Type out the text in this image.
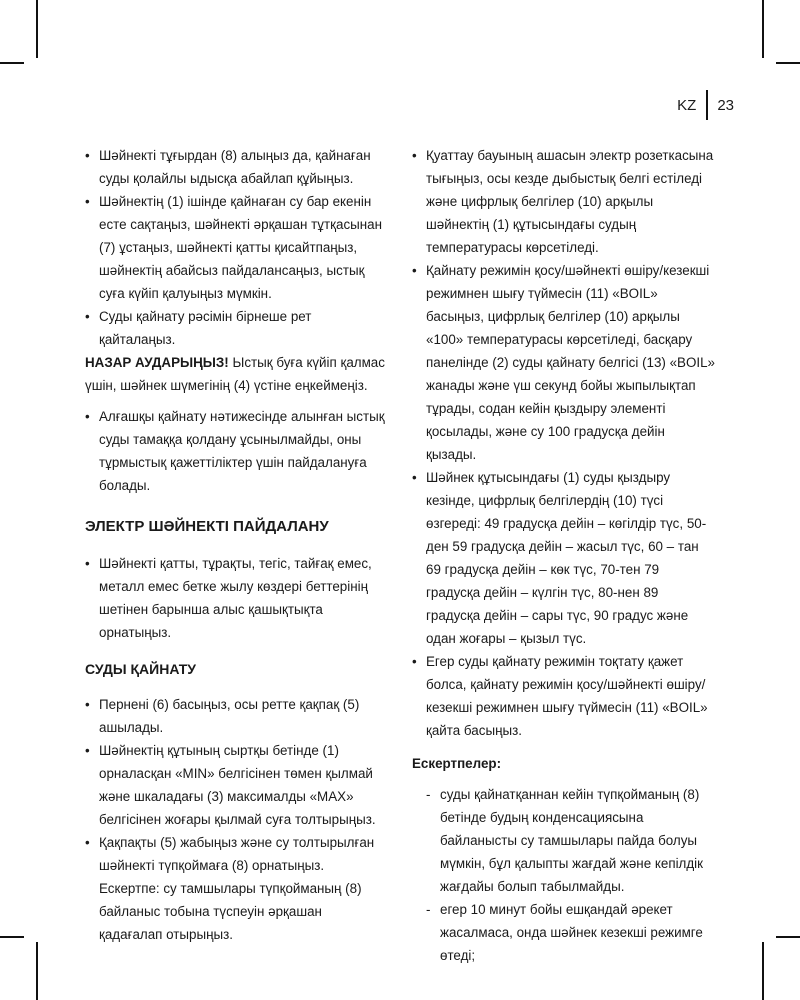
KZ 23
• Шәйнекті тұғырдан (8) алыңыз да, қайнаған суды қолайлы ыдысқа абайлап құйыңыз.
• Шәйнектің (1) ішінде қайнаған су бар екенін есте сақтаңыз, шәйнекті әрқашан тұтқасынан (7) ұстаңыз, шәйнекті қатты қисайтпаңыз, шәйнектің абайсыз пайдалансаңыз, ыстық суға күйіп қалуыңыз мүмкін.
• Суды қайнату рәсімін бірнеше рет қайталаңыз.

НАЗАР АУДАРЫҢЫЗ! Ыстық буға күйіп қалмас үшін, шәйнек шүмегінің (4) үстіне еңкеймеңіз.

• Алғашқы қайнату нәтижесінде алынған ыстық суды тамаққа қолдану ұсынылмайды, оны тұрмыстық қажеттіліктер үшін пайдалануға болады.
ЭЛЕКТР ШӘЙНЕКТІ ПАЙДАЛАНУ
• Шәйнекті қатты, тұрақты, тегіс, тайғақ емес, металл емес бетке жылу көздері беттерінің шетінен барынша алыс қашықтықта орнатыңыз.
СУДЫ ҚАЙНАТУ
• Пернені (6) басыңыз, осы ретте қақпақ (5) ашылады.
• Шәйнектің құтының сыртқы бетінде (1) орналасқан «MIN» белгісінен төмен қылмай және шкаладағы (3) максималды «MAX» белгісінен жоғары қылмай суға толтырыңыз.
• Қақпақты (5) жабыңыз және су толтырылған шәйнекті түпқоймаға (8) орнатыңыз. Ескертпе: су тамшылары түпқойманың (8) байланыс тобына түспеуін әрқашан қадағалап отырыңыз.
• Қуаттау бауының ашасын электр розеткасына тығыңыз, осы кезде дыбыстық белгі естіледі және цифрлық белгілер (10) арқылы шәйнектің (1) құтысындағы судың температурасы көрсетіледі.
• Қайнату режимін қосу/шәйнекті өшіру/кезекші режимнен шығу түймесін (11) «BOIL» басыңыз, цифрлық белгілер (10) арқылы «100» температурасы көрсетіледі, басқару панелінде (2) суды қайнату белгісі (13) «BOIL» жанады және үш секунд бойы жыпылықтап тұрады, содан кейін қыздыру элементі қосылады, және су 100 градусқа дейін қызады.
• Шәйнек құтысындағы (1) суды қыздыру кезінде, цифрлық белгілердің (10) түсі өзгереді: 49 градусқа дейін – көгілдір түс, 50-ден 59 градусқа дейін – жасыл түс, 60 – тан 69 градусқа дейін – көк түс, 70-тен 79 градусқа дейін – күлгін түс, 80-нен 89 градусқа дейін – сары түс, 90 градус және одан жоғары – қызыл түс.
• Егер суды қайнату режимін тоқтату қажет болса, қайнату режимін қосу/шәйнекті өшіру/кезекші режимнен шығу түймесін (11) «BOIL» қайта басыңыз.
Ескертпелер:
- суды қайнатқаннан кейін түпқойманың (8) бетінде будың конденсациясына байланысты су тамшылары пайда болуы мүмкін, бұл қалыпты жағдай және кепілдік жағдайы болып табылмайды.
- егер 10 минут бойы ешқандай әрекет жасалмаса, онда шәйнек кезекші режимге өтеді;
